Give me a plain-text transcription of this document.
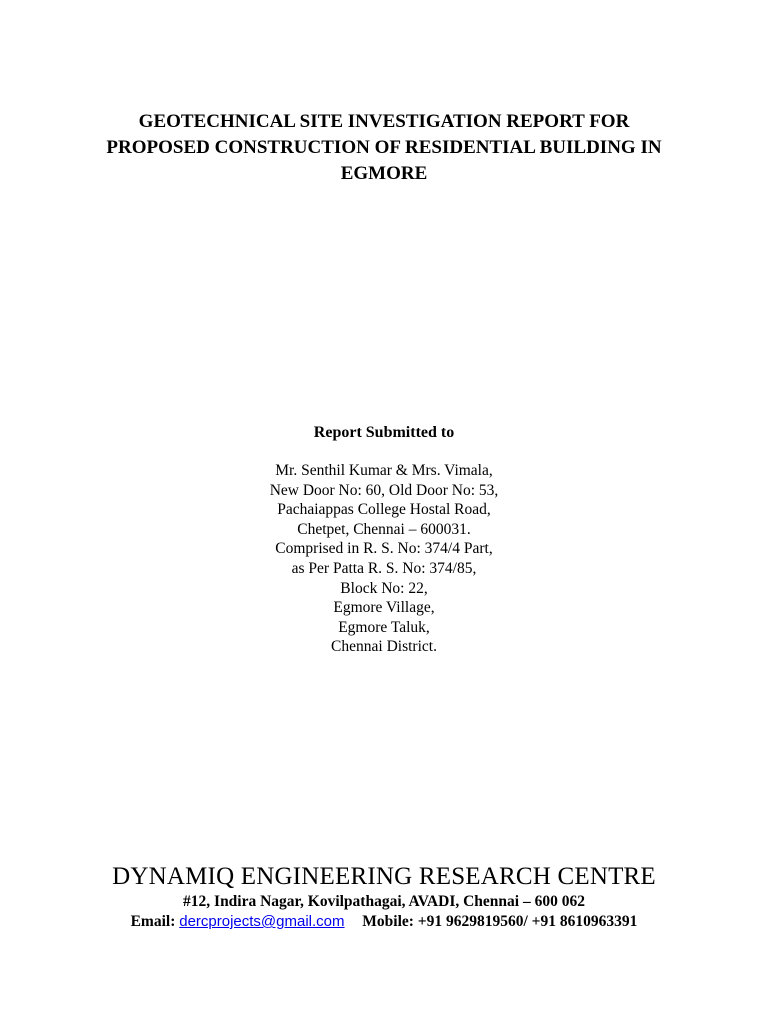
GEOTECHNICAL SITE INVESTIGATION REPORT FOR
PROPOSED CONSTRUCTION OF RESIDENTIAL BUILDING IN
EGMORE
Report Submitted to
Mr. Senthil Kumar & Mrs. Vimala,
New Door No: 60, Old Door No: 53,
Pachaiappas College Hostal Road,
Chetpet, Chennai – 600031.
Comprised in R. S. No: 374/4 Part,
as Per Patta R. S. No: 374/85,
Block No: 22,
Egmore Village,
Egmore Taluk,
Chennai District.
DYNAMIQ ENGINEERING RESEARCH CENTRE
#12, Indira Nagar, Kovilpathagai, AVADI, Chennai – 600 062
Email: dercprojects@gmail.com Mobile: +91 9629819560/ +91 8610963391
